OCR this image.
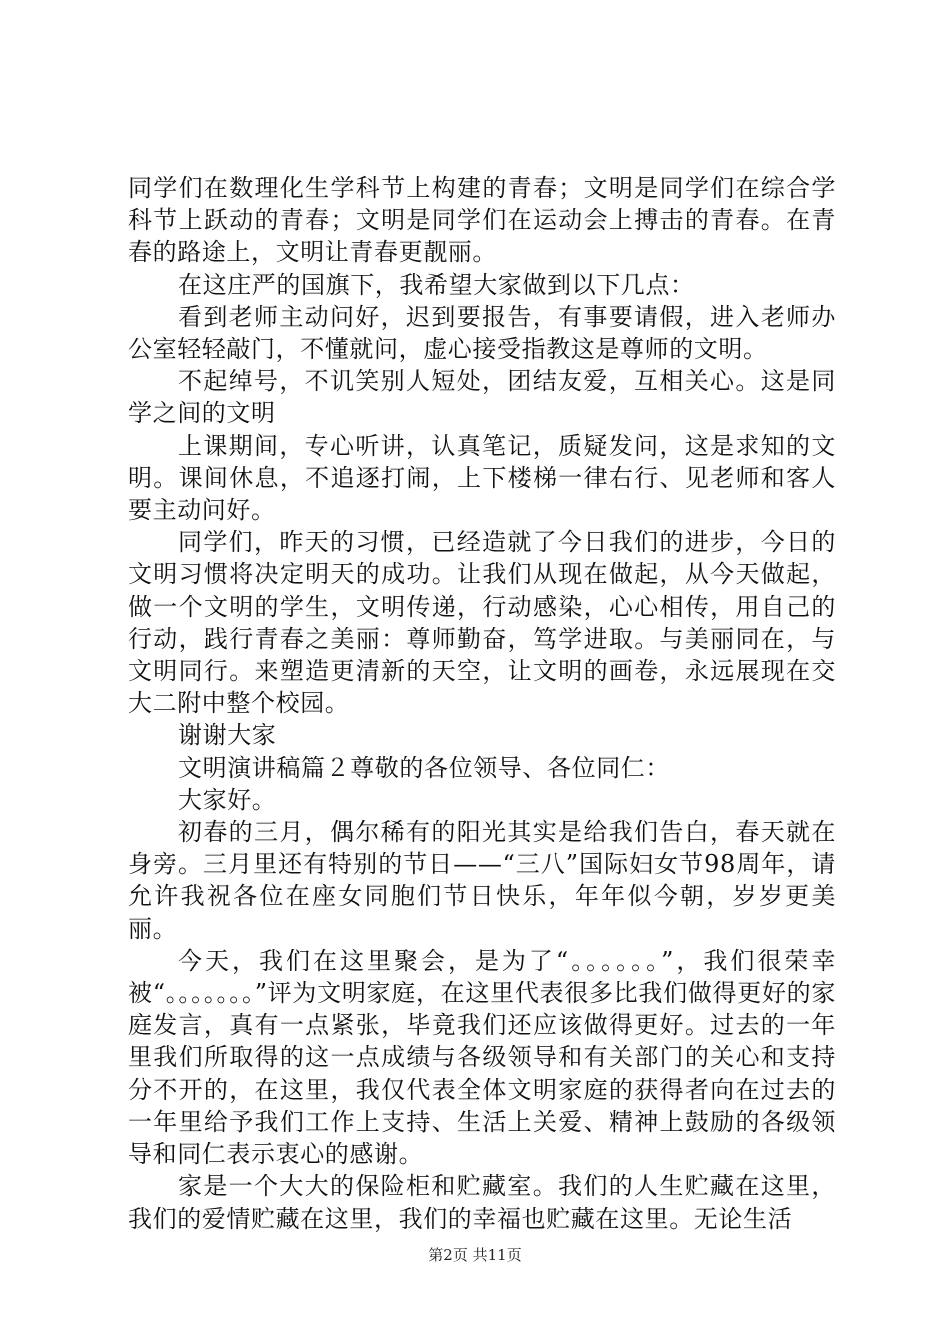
同学们在数理化生学科节上构建的青春；文明是同学们在综合学科节上跃动的青春；文明是同学们在运动会上搏击的青春。在青春的路途上，文明让青春更靓丽。

在这庄严的国旗下，我希望大家做到以下几点：

看到老师主动问好，迟到要报告，有事要请假，进入老师办公室轻轻敲门，不懂就问，虚心接受指教这是尊师的文明。

不起绰号，不讥笑别人短处，团结友爱，互相关心。这是同学之间的文明

上课期间，专心听讲，认真笔记，质疑发问，这是求知的文明。课间休息，不追逐打闹，上下楼梯一律右行、见老师和客人要主动问好。

同学们，昨天的习惯，已经造就了今日我们的进步，今日的文明习惯将决定明天的成功。让我们从现在做起，从今天做起，做一个文明的学生，文明传递，行动感染，心心相传，用自己的行动，践行青春之美丽：尊师勤奋，笃学进取。与美丽同在，与文明同行。来塑造更清新的天空，让文明的画卷，永远展现在交大二附中整个校园。

谢谢大家

文明演讲稿篇２尊敬的各位领导、各位同仁：

大家好。

初春的三月，偶尔稀有的阳光其实是给我们告白，春天就在身旁。三月里还有特别的节日——“三八”国际妇女节98周年，请允许我祝各位在座女同胞们节日快乐，年年似今朝，岁岁更美丽。

今天，我们在这里聚会，是为了“。。。。。。”，我们很荣幸被“。。。。。。。”评为文明家庭，在这里代表很多比我们做得更好的家庭发言，真有一点紧张，毕竟我们还应该做得更好。过去的一年里我们所取得的这一点成绩与各级领导和有关部门的关心和支持分不开的，在这里，我仅代表全体文明家庭的获得者向在过去的一年里给予我们工作上支持、生活上关爱、精神上鼓励的各级领导和同仁表示衷心的感谢。

家是一个大大的保险柜和贮藏室。我们的人生贮藏在这里，我们的爱情贮藏在这里，我们的幸福也贮藏在这里。无论生活

第2页 共11页
